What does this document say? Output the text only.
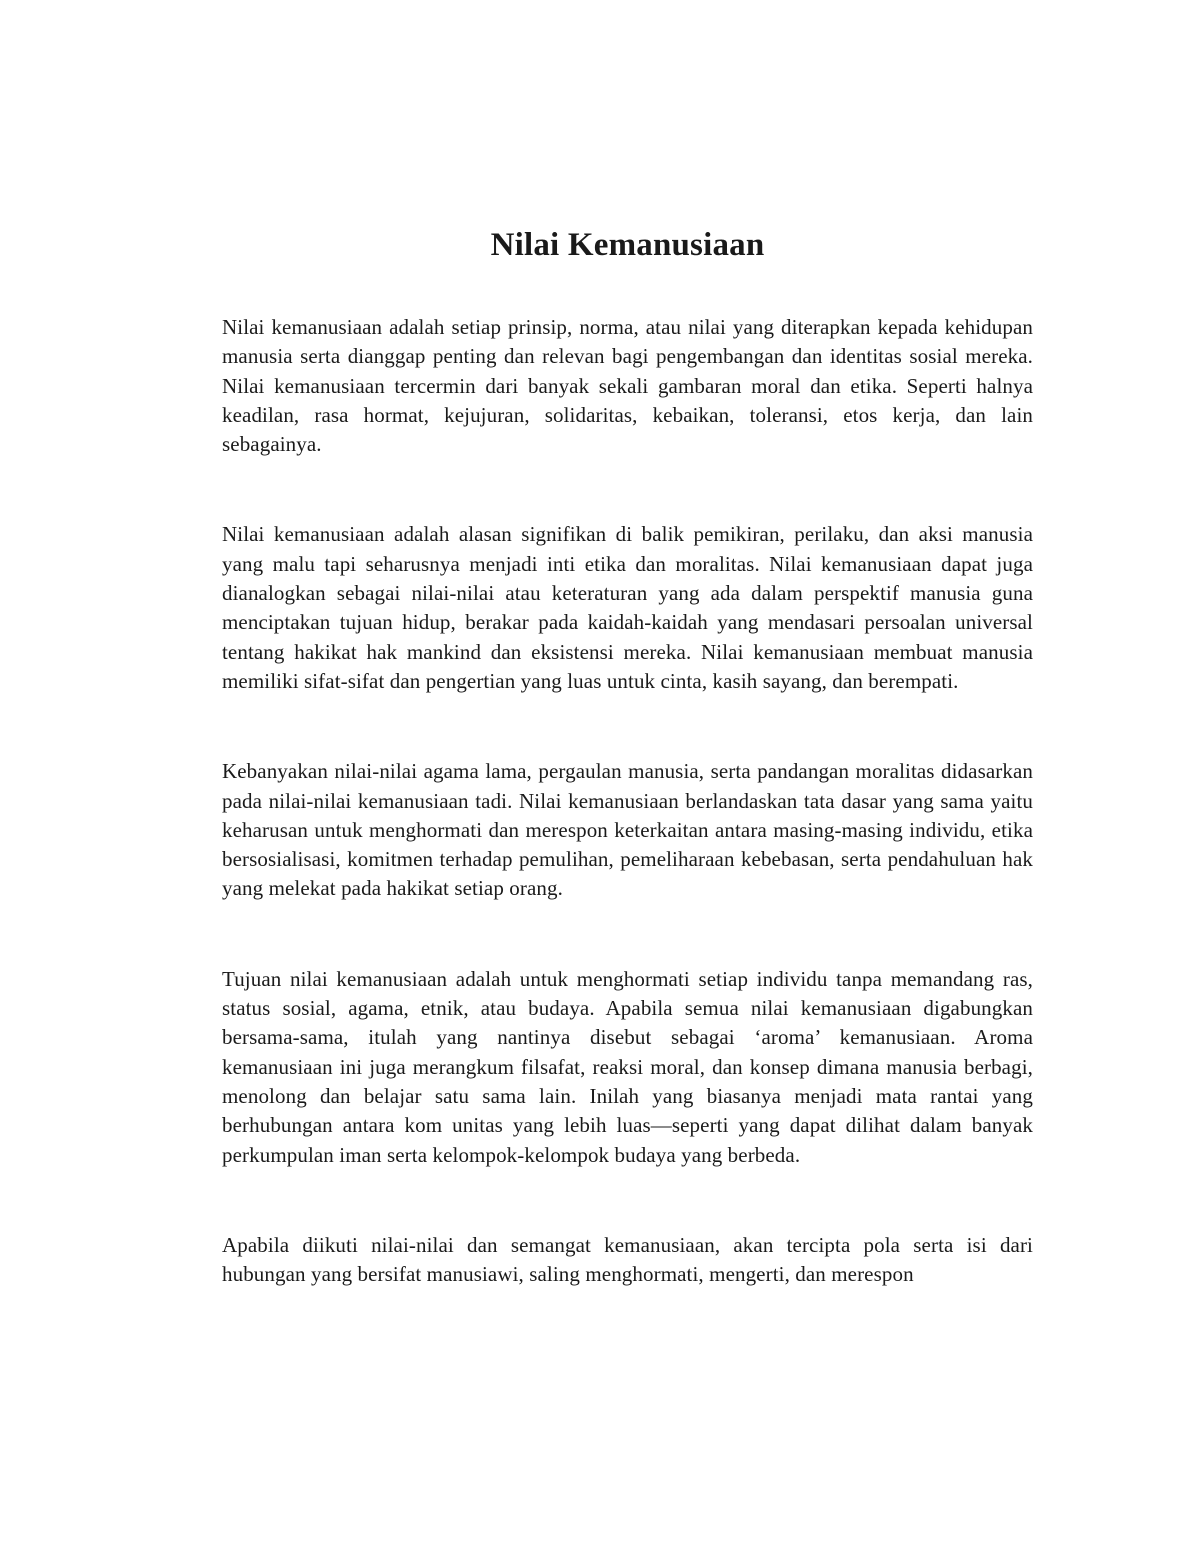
Nilai Kemanusiaan

Nilai kemanusiaan adalah setiap prinsip, norma, atau nilai yang diterapkan kepada kehidupan manusia serta dianggap penting dan relevan bagi pengembangan dan identitas sosial mereka. Nilai kemanusiaan tercermin dari banyak sekali gambaran moral dan etika. Seperti halnya keadilan, rasa hormat, kejujuran, solidaritas, kebaikan, toleransi, etos kerja, dan lain sebagainya.

Nilai kemanusiaan adalah alasan signifikan di balik pemikiran, perilaku, dan aksi manusia yang malu tapi seharusnya menjadi inti etika dan moralitas. Nilai kemanusiaan dapat juga dianalogkan sebagai nilai-nilai atau keteraturan yang ada dalam perspektif manusia guna menciptakan tujuan hidup, berakar pada kaidah-kaidah yang mendasari persoalan universal tentang hakikat hak mankind dan eksistensi mereka. Nilai kemanusiaan membuat manusia memiliki sifat-sifat dan pengertian yang luas untuk cinta, kasih sayang, dan berempati.

Kebanyakan nilai-nilai agama lama, pergaulan manusia, serta pandangan moralitas didasarkan pada nilai-nilai kemanusiaan tadi. Nilai kemanusiaan berlandaskan tata dasar yang sama yaitu keharusan untuk menghormati dan merespon keterkaitan antara masing-masing individu, etika bersosialisasi, komitmen terhadap pemulihan, pemeliharaan kebebasan, serta pendahuluan hak yang melekat pada hakikat setiap orang.

Tujuan nilai kemanusiaan adalah untuk menghormati setiap individu tanpa memandang ras, status sosial, agama, etnik, atau budaya. Apabila semua nilai kemanusiaan digabungkan bersama-sama, itulah yang nantinya disebut sebagai ‘aroma’ kemanusiaan. Aroma kemanusiaan ini juga merangkum filsafat, reaksi moral, dan konsep dimana manusia berbagi, menolong dan belajar satu sama lain. Inilah yang biasanya menjadi mata rantai yang berhubungan antara kom unitas yang lebih luas—seperti yang dapat dilihat dalam banyak perkumpulan iman serta kelompok-kelompok budaya yang berbeda.

Apabila diikuti nilai-nilai dan semangat kemanusiaan, akan tercipta pola serta isi dari hubungan yang bersifat manusiawi, saling menghormati, mengerti, dan merespon
